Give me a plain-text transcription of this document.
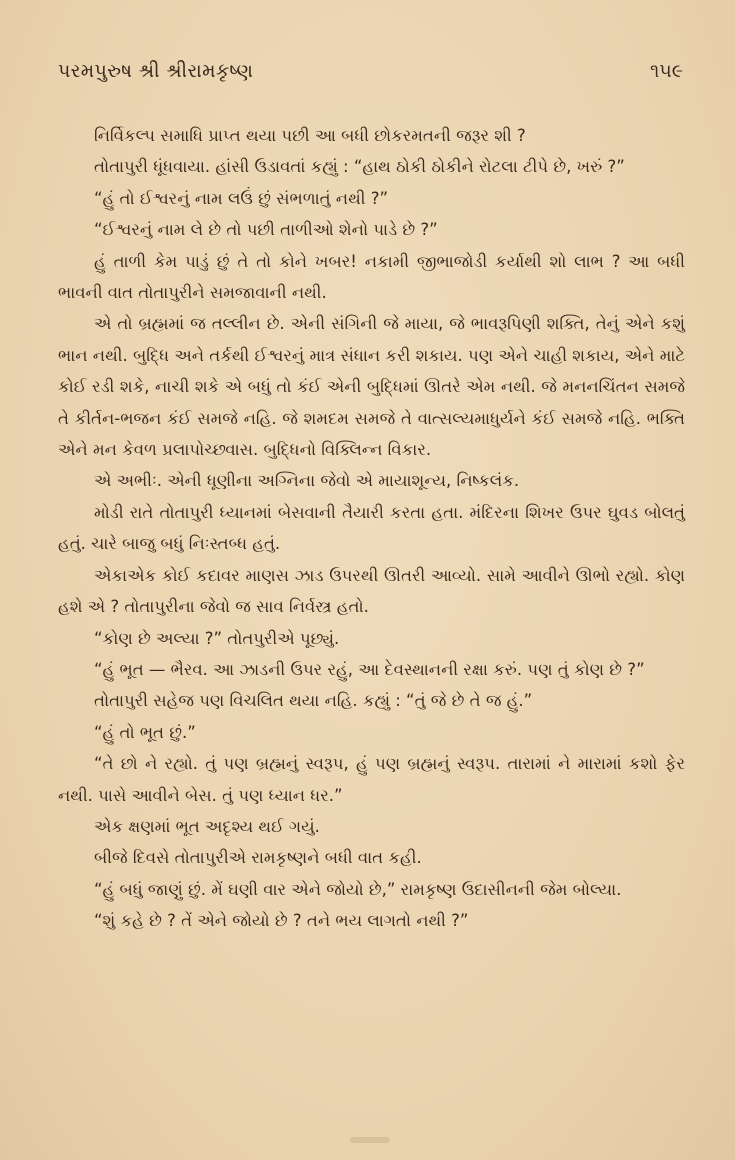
પરમપુરુષ શ્રી શ્રીરામકૃષ્ણ	૧૫૯

નિર્વિકલ્પ સમાધિ પ્રાપ્ત થયા પછી આ બધી છોકરમતની જરૂર શી ?

તોતાપુરી ધૂંધવાયા. હાંસી ઉડાવતાં કહ્યું : “હાથ ઠોકી ઠોકીને રોટલા ટીપે છે, ખરું ?”

“હું તો ઈશ્વરનું નામ લઉં છું સંભળાતું નથી ?”

“ઈશ્વરનું નામ લે છે તો પછી તાળીઓ શેનો પાડે છે ?”

હું તાળી કેમ પાડું છું તે તો કોને ખબર! નકામી જીભાજોડી કર્યાથી શો લાભ ? આ બધી ભાવની વાત તોતાપુરીને સમજાવાની નથી.

એ તો બ્રહ્મમાં જ તલ્લીન છે. એની સંગિની જે માયા, જે ભાવરૂપિણી શક્તિ, તેનું એને કશું ભાન નથી. બુદ્ધિ અને તર્કથી ઈશ્વરનું માત્ર સંધાન કરી શકાય. પણ એને ચાહી શકાય, એને માટે કોઈ રડી શકે, નાચી શકે એ બધું તો કંઈ એની બુદ્ધિમાં ઊતરે એમ નથી. જે મનનચિંતન સમજે તે કીર્તન-ભજન કંઈ સમજે નહિ. જે શમદમ સમજે તે વાત્સલ્યમાધુર્યને કંઈ સમજે નહિ. ભક્તિ એને મન કેવળ પ્રલાપોચ્છ્વાસ. બુદ્ધિનો વિક્લિન્ન વિકાર.

એ અભીઃ. એની ધૂણીના અગ્નિના જેવો એ માયાશૂન્ય, નિષ્કલંક.

મોડી રાતે તોતાપુરી ધ્યાનમાં બેસવાની તૈયારી કરતા હતા. મંદિરના શિખર ઉપર ઘુવડ બોલતું હતું. ચારે બાજુ બધું નિઃસ્તબ્ધ હતું.

એકાએક કોઈ કદાવર માણસ ઝાડ ઉપરથી ઊતરી આવ્યો. સામે આવીને ઊભો રહ્યો. કોણ હશે એ ? તોતાપુરીના જેવો જ સાવ નિર્વસ્ત્ર હતો.

“કોણ છે અલ્યા ?” તોતપુરીએ પૂછ્યું.

“હું ભૂત — ભૈરવ. આ ઝાડની ઉપર રહું, આ દેવસ્થાનની રક્ષા કરું. પણ તું કોણ છે ?”

તોતાપુરી સહેજ પણ વિચલિત થયા નહિ. કહ્યું : “તું જે છે તે જ હું.”

“હું તો ભૂત છું.”

“તે છો ને રહ્યો. તું પણ બ્રહ્મનું સ્વરૂપ, હું પણ બ્રહ્મનું સ્વરૂપ. તારામાં ને મારામાં કશો ફેર નથી. પાસે આવીને બેસ. તું પણ ધ્યાન ધર.”

એક ક્ષણમાં ભૂત અદૃશ્ય થઈ ગયું.

બીજે દિવસે તોતાપુરીએ રામકૃષ્ણને બધી વાત કહી.

“હું બધું જાણું છું. મેં ઘણી વાર એને જોયો છે,” રામકૃષ્ણ ઉદાસીનની જેમ બોલ્યા.

“શું કહે છે ? તેં એને જોયો છે ? તને ભય લાગતો નથી ?”
